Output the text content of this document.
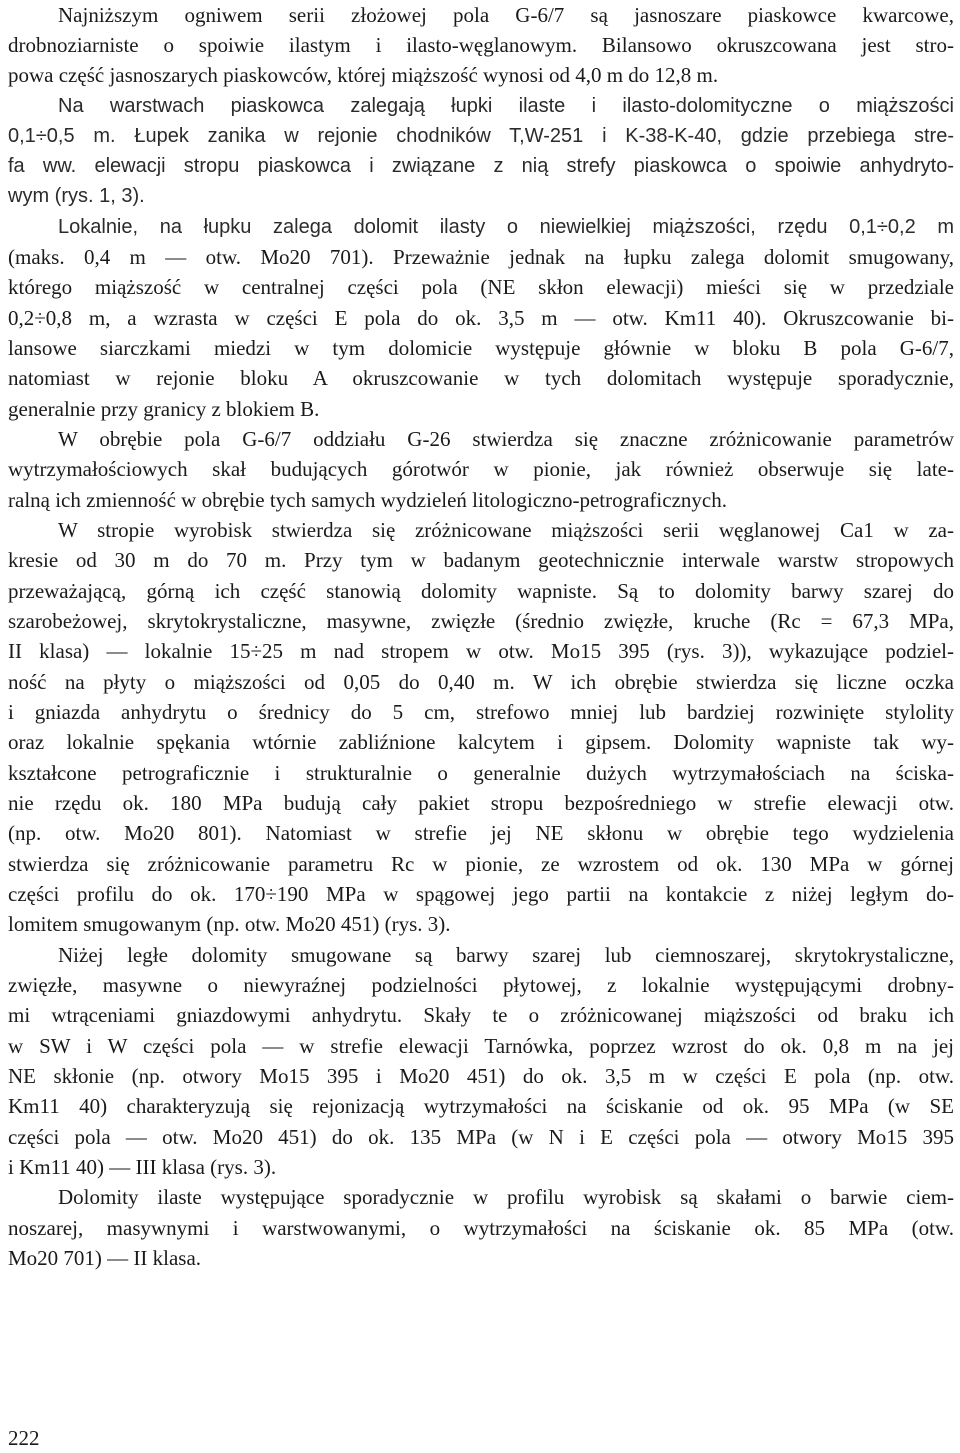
Najniższym ogniwem serii złożowej pola G-6/7 są jasnoszare piaskowce kwarcowe,
drobnoziarniste o spoiwie ilastym i ilasto-węglanowym. Bilansowo okruszcowana jest stro-
powa część jasnoszarych piaskowców, której miąższość wynosi od 4,0 m do 12,8 m.
Na warstwach piaskowca zalegają łupki ilaste i ilasto-dolomityczne o miąższości
0,1÷0,5 m. Łupek zanika w rejonie chodników T,W-251 i K-38-K-40, gdzie przebiega stre-
fa ww. elewacji stropu piaskowca i związane z nią strefy piaskowca o spoiwie anhydryto-
wym (rys. 1, 3).
Lokalnie, na łupku zalega dolomit ilasty o niewielkiej miąższości, rzędu 0,1÷0,2 m
(maks. 0,4 m — otw. Mo20 701). Przeważnie jednak na łupku zalega dolomit smugowany,
którego miąższość w centralnej części pola (NE skłon elewacji) mieści się w przedziale
0,2÷0,8 m, a wzrasta w części E pola do ok. 3,5 m — otw. Km11 40). Okruszcowanie bi-
lansowe siarczkami miedzi w tym dolomicie występuje głównie w bloku B pola G-6/7,
natomiast w rejonie bloku A okruszcowanie w tych dolomitach występuje sporadycznie,
generalnie przy granicy z blokiem B.
W obrębie pola G-6/7 oddziału G-26 stwierdza się znaczne zróżnicowanie parametrów
wytrzymałościowych skał budujących górotwór w pionie, jak również obserwuje się late-
ralną ich zmienność w obrębie tych samych wydzieleń litologiczno-petrograficznych.
W stropie wyrobisk stwierdza się zróżnicowane miąższości serii węglanowej Ca1 w za-
kresie od 30 m do 70 m. Przy tym w badanym geotechnicznie interwale warstw stropowych
przeważającą, górną ich część stanowią dolomity wapniste. Są to dolomity barwy szarej do
szarobeżowej, skrytokrystaliczne, masywne, zwięzłe (średnio zwięzłe, kruche (Rc = 67,3 MPa,
II klasa) — lokalnie 15÷25 m nad stropem w otw. Mo15 395 (rys. 3)), wykazujące podziel-
ność na płyty o miąższości od 0,05 do 0,40 m. W ich obrębie stwierdza się liczne oczka
i gniazda anhydrytu o średnicy do 5 cm, strefowo mniej lub bardziej rozwinięte stylolity
oraz lokalnie spękania wtórnie zabliźnione kalcytem i gipsem. Dolomity wapniste tak wy-
kształcone petrograficznie i strukturalnie o generalnie dużych wytrzymałościach na ściska-
nie rzędu ok. 180 MPa budują cały pakiet stropu bezpośredniego w strefie elewacji otw.
(np. otw. Mo20 801). Natomiast w strefie jej NE skłonu w obrębie tego wydzielenia
stwierdza się zróżnicowanie parametru Rc w pionie, ze wzrostem od ok. 130 MPa w górnej
części profilu do ok. 170÷190 MPa w spągowej jego partii na kontakcie z niżej ległym do-
lomitem smugowanym (np. otw. Mo20 451) (rys. 3).
Niżej ległe dolomity smugowane są barwy szarej lub ciemnoszarej, skrytokrystaliczne,
zwięzłe, masywne o niewyraźnej podzielności płytowej, z lokalnie występującymi drobny-
mi wtrąceniami gniazdowymi anhydrytu. Skały te o zróżnicowanej miąższości od braku ich
w SW i W części pola — w strefie elewacji Tarnówka, poprzez wzrost do ok. 0,8 m na jej
NE skłonie (np. otwory Mo15 395 i Mo20 451) do ok. 3,5 m w części E pola (np. otw.
Km11 40) charakteryzują się rejonizacją wytrzymałości na ściskanie od ok. 95 MPa (w SE
części pola — otw. Mo20 451) do ok. 135 MPa (w N i E części pola — otwory Mo15 395
i Km11 40) — III klasa (rys. 3).
Dolomity ilaste występujące sporadycznie w profilu wyrobisk są skałami o barwie ciem-
noszarej, masywnymi i warstwowanymi, o wytrzymałości na ściskanie ok. 85 MPa (otw.
Mo20 701) — II klasa.
222
